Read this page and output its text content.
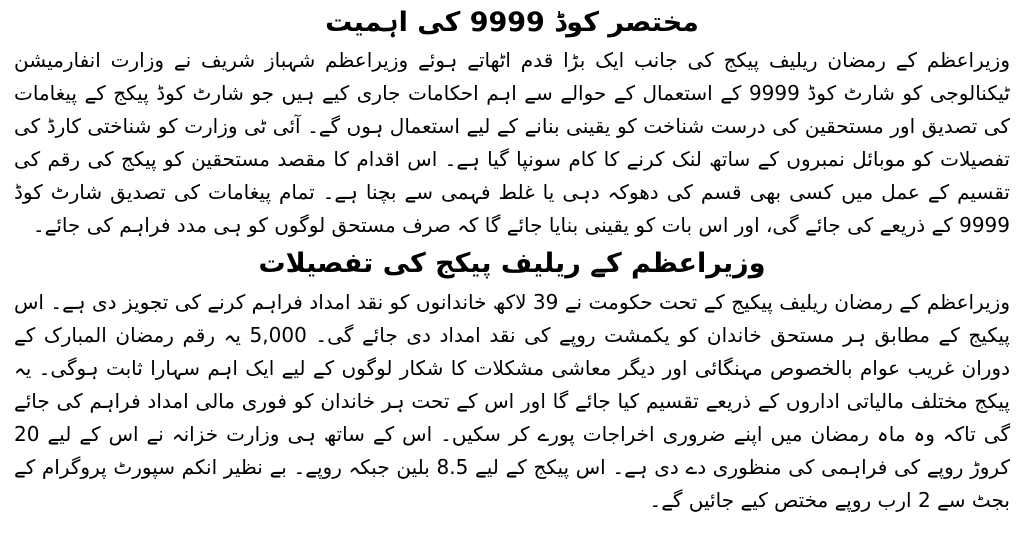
مختصر کوڈ 9999 کی اہمیت

وزیراعظم کے رمضان ریلیف پیکج کی جانب ایک بڑا قدم اٹھاتے ہوئے وزیراعظم شہباز شریف نے وزارت انفارمیشن ٹیکنالوجی کو شارٹ کوڈ 9999 کے استعمال کے حوالے سے اہم احکامات جاری کیے ہیں جو شارٹ کوڈ پیکج کے پیغامات کی تصدیق اور مستحقین کی درست شناخت کو یقینی بنانے کے لیے استعمال ہوں گے۔ آئی ٹی وزارت کو شناختی کارڈ کی تفصیلات کو موبائل نمبروں کے ساتھ لنک کرنے کا کام سونپا گیا ہے۔ اس اقدام کا مقصد مستحقین کو پیکج کی رقم کی تقسیم کے عمل میں کسی بھی قسم کی دھوکہ دہی یا غلط فہمی سے بچنا ہے۔ تمام پیغامات کی تصدیق شارٹ کوڈ 9999 کے ذریعے کی جائے گی، اور اس بات کو یقینی بنایا جائے گا کہ صرف مستحق لوگوں کو ہی مدد فراہم کی جائے۔

وزیراعظم کے ریلیف پیکج کی تفصیلات

وزیراعظم کے رمضان ریلیف پیکیج کے تحت حکومت نے 39 لاکھ خاندانوں کو نقد امداد فراہم کرنے کی تجویز دی ہے۔ اس پیکیج کے مطابق ہر مستحق خاندان کو یکمشت روپے کی نقد امداد دی جائے گی۔ 5,000 یہ رقم رمضان المبارک کے دوران غریب عوام بالخصوص مہنگائی اور دیگر معاشی مشکلات کا شکار لوگوں کے لیے ایک اہم سہارا ثابت ہوگی۔ یہ پیکج مختلف مالیاتی اداروں کے ذریعے تقسیم کیا جائے گا اور اس کے تحت ہر خاندان کو فوری مالی امداد فراہم کی جائے گی تاکہ وہ ماہ رمضان میں اپنے ضروری اخراجات پورے کر سکیں۔ اس کے ساتھ ہی وزارت خزانہ نے اس کے لیے 20 کروڑ روپے کی فراہمی کی منظوری دے دی ہے۔ اس پیکج کے لیے 8.5 بلین جبکہ روپے۔ بے نظیر انکم سپورٹ پروگرام کے بجٹ سے 2 ارب روپے مختص کیے جائیں گے۔
